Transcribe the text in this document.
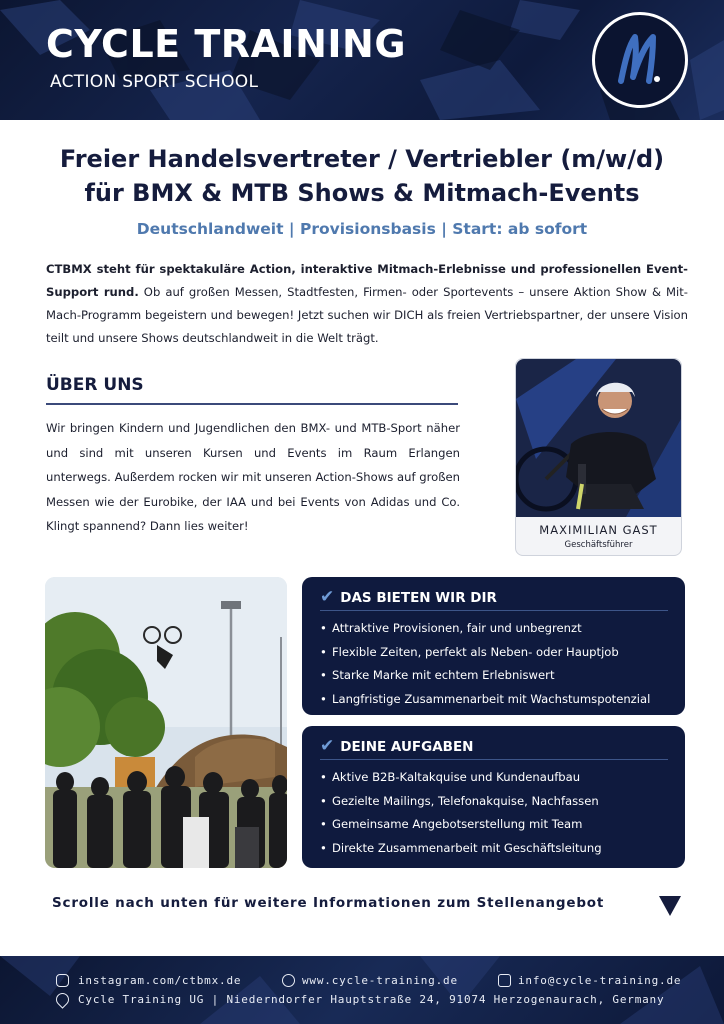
CYCLE TRAINING
ACTION SPORT SCHOOL
Freier Handelsvertreter / Vertriebler (m/w/d)
für BMX & MTB Shows & Mitmach-Events
Deutschlandweit | Provisionsbasis | Start: ab sofort
CTBMX steht für spektakuläre Action, interaktive Mitmach-Erlebnisse und professionellen Event-Support rund. Ob auf großen Messen, Stadtfesten, Firmen- oder Sportevents – unsere Aktion Show & Mit-Mach-Programm begeistern und bewegen! Jetzt suchen wir DICH als freien Vertriebspartner, der unsere Vision teilt und unsere Shows deutschlandweit in die Welt trägt.
ÜBER UNS
Wir bringen Kindern und Jugendlichen den BMX- und MTB-Sport näher und sind mit unseren Kursen und Events im Raum Erlangen unterwegs. Außerdem rocken wir mit unseren Action-Shows auf großen Messen wie der Eurobike, der IAA und bei Events von Adidas und Co. Klingt spannend? Dann lies weiter!	MAXIMILIAN GAST
Geschäftsführer
✔ DAS BIETEN WIR DIR
• Attraktive Provisionen, fair und unbegrenzt
• Flexible Zeiten, perfekt als Neben- oder Hauptjob
• Starke Marke mit echtem Erlebniswert
• Langfristige Zusammenarbeit mit Wachstumspotenzial
✔ DEINE AUFGABEN
• Aktive B2B-Kaltakquise und Kundenaufbau
• Gezielte Mailings, Telefonakquise, Nachfassen
• Gemeinsame Angebotserstellung mit Team
• Direkte Zusammenarbeit mit Geschäftsleitung
Scrolle nach unten für weitere Informationen zum Stellenangebot
instagram.com/ctbmx.de	www.cycle-training.de	info@cycle-training.de
Cycle Training UG | Niederndorfer Hauptstraße 24, 91074 Herzogenaurach, Germany
